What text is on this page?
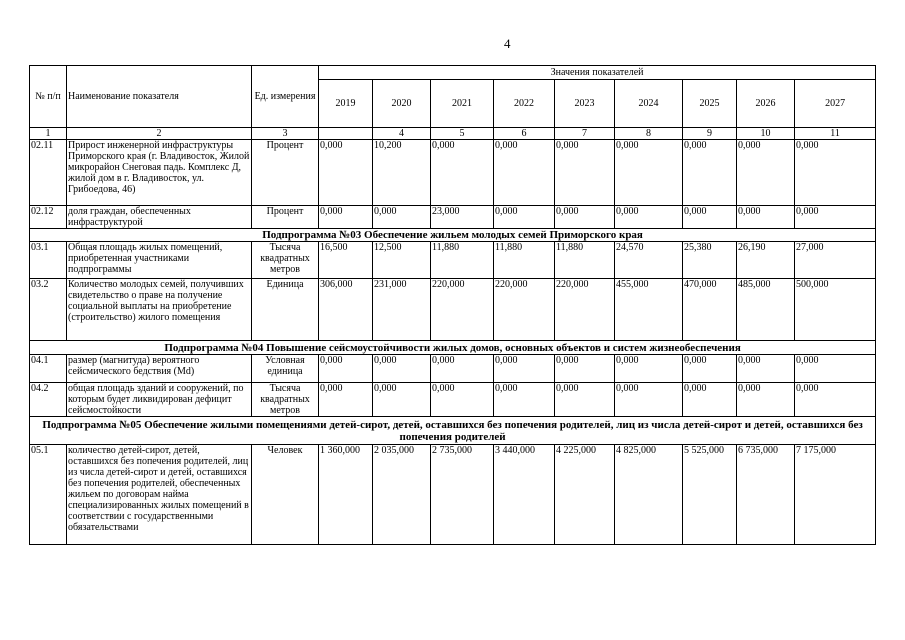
4
№ п/п	Наименование показателя	Ед. измерения	Значения показателей								
			2019	2020	2021	2022	2023	2024	2025	2026	2027
1	2	3		4	5	6	7	8	9	10	11
02.11	Прирост инженерной инфраструктуры Приморского края (г. Владивосток, Жилой микрорайон Снеговая падь. Комплекс Д, жилой дом в г. Владивосток, ул. Грибоедова, 46)	Процент	0,000	10,200	0,000	0,000	0,000	0,000	0,000	0,000	0,000
02.12	доля граждан, обеспеченных инфраструктурой	Процент	0,000	0,000	23,000	0,000	0,000	0,000	0,000	0,000	0,000
Подпрограмма №03 Обеспечение жильем молодых семей Приморского края											
03.1	Общая площадь жилых помещений, приобретенная участниками подпрограммы	Тысяча квадратных метров	16,500	12,500	11,880	11,880	11,880	24,570	25,380	26,190	27,000
03.2	Количество молодых семей, получивших свидетельство о праве на получение социальной выплаты на приобретение (строительство) жилого помещения	Единица	306,000	231,000	220,000	220,000	220,000	455,000	470,000	485,000	500,000
Подпрограмма №04 Повышение сейсмоустойчивости жилых домов, основных объектов и систем жизнеобеспечения											
04.1	размер (магнитуда) вероятного сейсмического бедствия (Md)	Условная единица	0,000	0,000	0,000	0,000	0,000	0,000	0,000	0,000	0,000
04.2	общая площадь зданий и сооружений, по которым будет ликвидирован дефицит сейсмостойкости	Тысяча квадратных метров	0,000	0,000	0,000	0,000	0,000	0,000	0,000	0,000	0,000
Подпрограмма №05 Обеспечение жилыми помещениями детей-сирот, детей, оставшихся без попечения родителей, лиц из числа детей-сирот и детей, оставшихся без попечения родителей											
05.1	количество детей-сирот, детей, оставшихся без попечения родителей, лиц из числа детей-сирот и детей, оставшихся без попечения родителей, обеспеченных жильем по договорам найма специализированных жилых помещений в соответствии с государственными обязательствами	Человек	1 360,000	2 035,000	2 735,000	3 440,000	4 225,000	4 825,000	5 525,000	6 735,000	7 175,000
